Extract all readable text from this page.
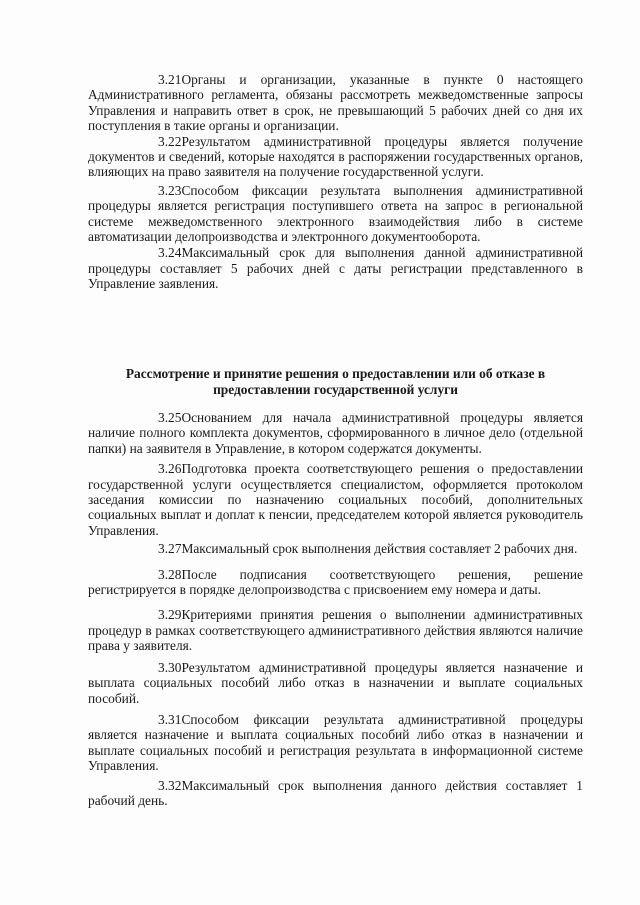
3.21Органы и организации, указанные в пункте 0 настоящего Административного регламента, обязаны рассмотреть межведомственные запросы Управления и направить ответ в срок, не превышающий 5 рабочих дней со дня их поступления в такие органы и организации.

3.22Результатом административной процедуры является получение документов и сведений, которые находятся в распоряжении государственных органов, влияющих на право заявителя на получение государственной услуги.

3.23Способом фиксации результата выполнения административной процедуры является регистрация поступившего ответа на запрос в региональной системе межведомственного электронного взаимодействия либо в системе автоматизации делопроизводства и электронного документооборота.

3.24Максимальный срок для выполнения данной административной процедуры составляет 5 рабочих дней с даты регистрации представленного в Управление заявления.

Рассмотрение и принятие решения о предоставлении или об отказе в

предоставлении государственной услуги

3.25Основанием для начала административной процедуры является наличие полного комплекта документов, сформированного в личное дело (отдельной папки) на заявителя в Управление, в котором содержатся документы.

3.26Подготовка проекта соответствующего решения о предоставлении государственной услуги осуществляется специалистом, оформляется протоколом заседания комиссии по назначению социальных пособий, дополнительных социальных выплат и доплат к пенсии, председателем которой является руководитель Управления.

3.27Максимальный срок выполнения действия составляет 2 рабочих дня.

3.28После подписания соответствующего решения, решение регистрируется в порядке делопроизводства с присвоением ему номера и даты.

3.29Критериями принятия решения о выполнении административных процедур в рамках соответствующего административного действия являются наличие права у заявителя.

3.30Результатом административной процедуры является назначение и выплата социальных пособий либо отказ в назначении и выплате социальных пособий.

3.31Способом фиксации результата административной процедуры является назначение и выплата социальных пособий либо отказ в назначении и выплате социальных пособий и регистрация результата в информационной системе Управления.

3.32Максимальный срок выполнения данного действия составляет 1 рабочий день.
